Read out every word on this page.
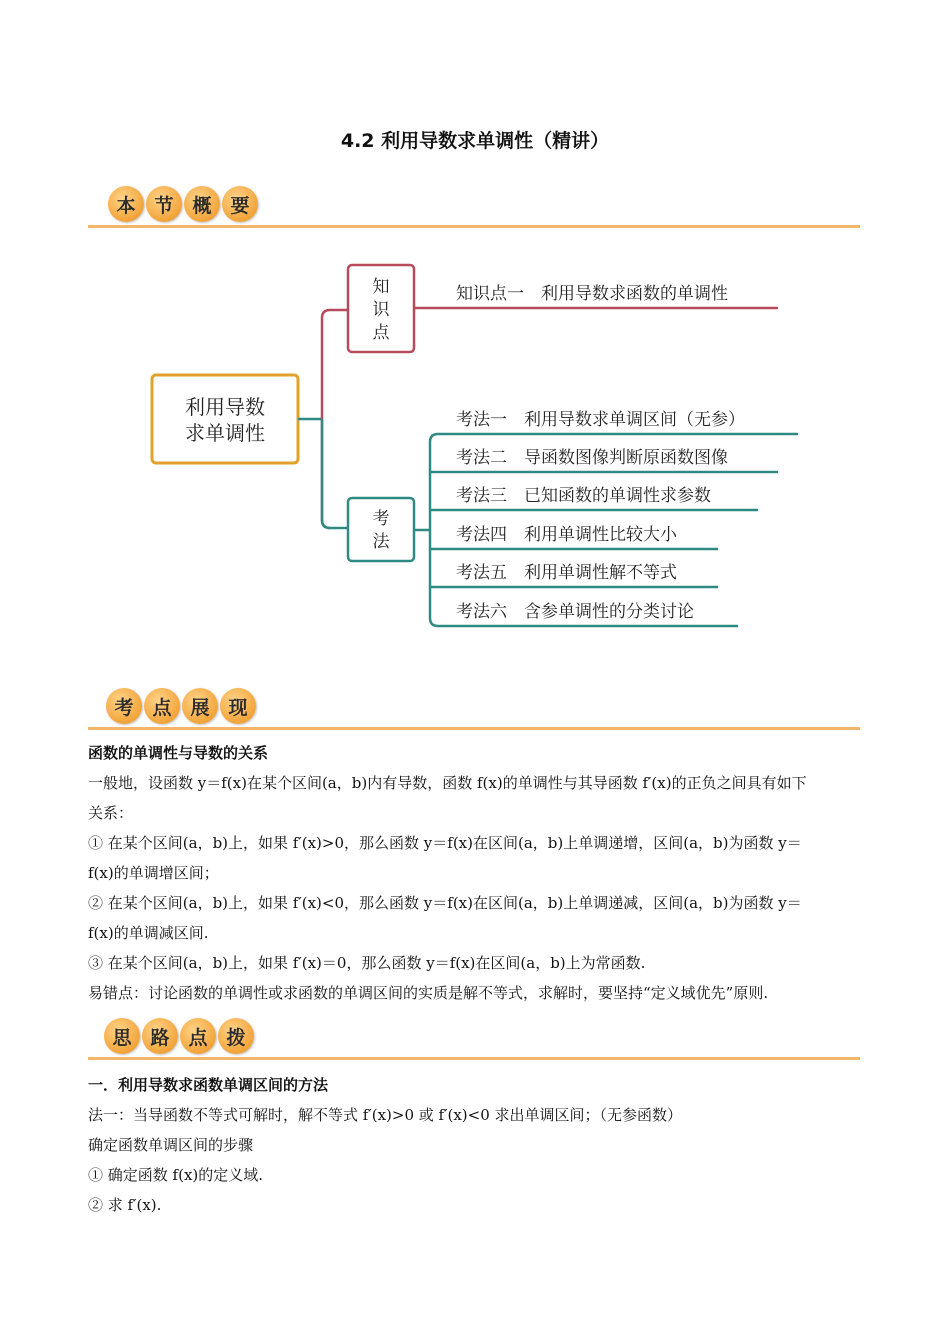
4.2 利用导数求单调性（精讲）
本 节 概 要
利用导数
求单调性
知
识
点
知识点一　利用导数求函数的单调性
考
法
考法一　利用导数求单调区间（无参）
考法二　导函数图像判断原函数图像
考法三　已知函数的单调性求参数
考法四　利用单调性比较大小
考法五　利用单调性解不等式
考法六　含参单调性的分类讨论
考 点 展 现

函数的单调性与导数的关系

一般地，设函数 y＝f(x)在某个区间(a，b)内有导数，函数 f(x)的单调性与其导函数 f′(x)的正负之间具有如下

关系：

① 在某个区间(a，b)上，如果 f′(x)>0，那么函数 y＝f(x)在区间(a，b)上单调递增，区间(a，b)为函数 y＝

f(x)的单调增区间；

② 在某个区间(a，b)上，如果 f′(x)<0，那么函数 y＝f(x)在区间(a，b)上单调递减，区间(a，b)为函数 y＝

f(x)的单调减区间.

③ 在某个区间(a，b)上，如果 f′(x)＝0，那么函数 y＝f(x)在区间(a，b)上为常函数.

易错点：讨论函数的单调性或求函数的单调区间的实质是解不等式，求解时，要坚持“定义域优先”原则.

思 路 点 拨

一．利用导数求函数单调区间的方法

法一：当导函数不等式可解时，解不等式 f′(x)>0 或 f′(x)<0 求出单调区间；（无参函数）

确定函数单调区间的步骤

① 确定函数 f(x)的定义域.

② 求 f′(x).
